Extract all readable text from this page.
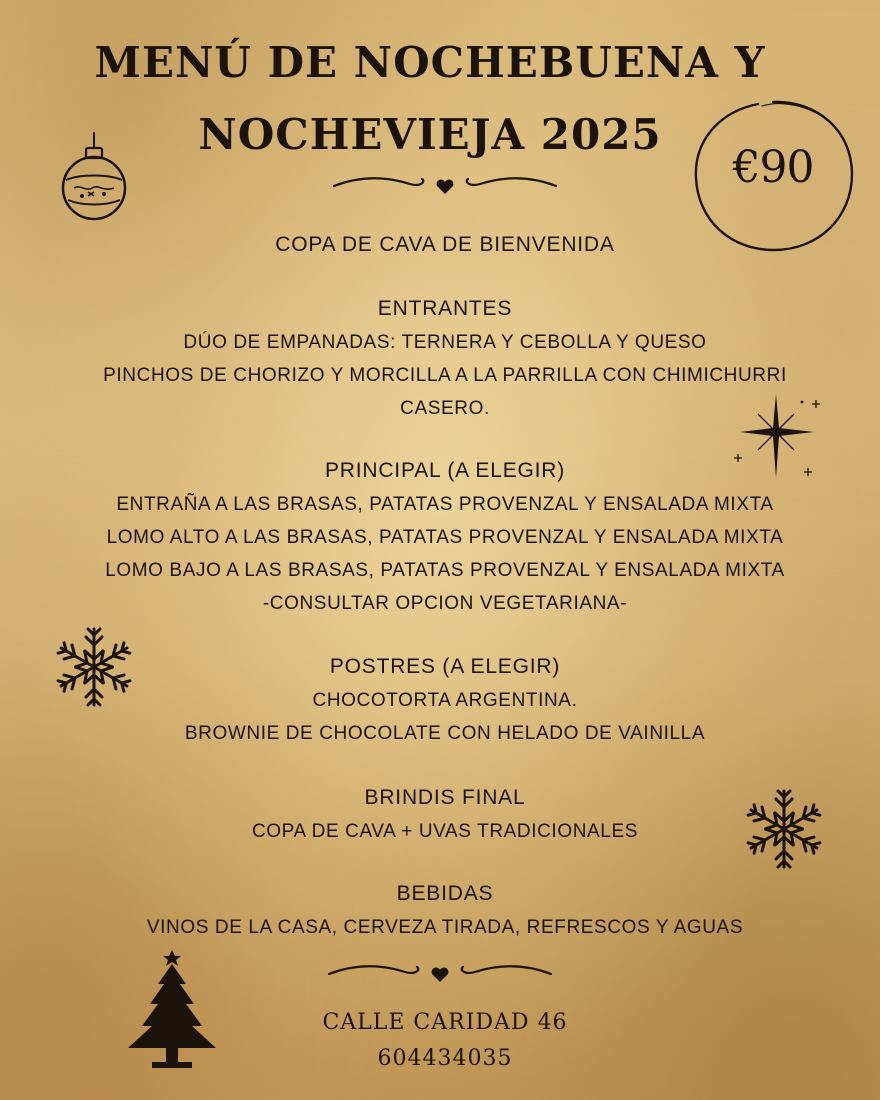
MENÚ DE NOCHEBUENA Y
NOCHEVIEJA 2025
€90

COPA DE CAVA DE BIENVENIDA

ENTRANTES

DÚO DE EMPANADAS: TERNERA Y CEBOLLA Y QUESO

PINCHOS DE CHORIZO Y MORCILLA A LA PARRILLA CON CHIMICHURRI

CASERO.

PRINCIPAL (A ELEGIR)

ENTRAÑA A LAS BRASAS, PATATAS PROVENZAL Y ENSALADA MIXTA

LOMO ALTO A LAS BRASAS, PATATAS PROVENZAL Y ENSALADA MIXTA

LOMO BAJO A LAS BRASAS, PATATAS PROVENZAL Y ENSALADA MIXTA

-CONSULTAR OPCION VEGETARIANA-

POSTRES (A ELEGIR)

CHOCOTORTA ARGENTINA.

BROWNIE DE CHOCOLATE CON HELADO DE VAINILLA

BRINDIS FINAL

COPA DE CAVA + UVAS TRADICIONALES

BEBIDAS

VINOS DE LA CASA, CERVEZA TIRADA, REFRESCOS Y AGUAS

CALLE CARIDAD 46

604434035
